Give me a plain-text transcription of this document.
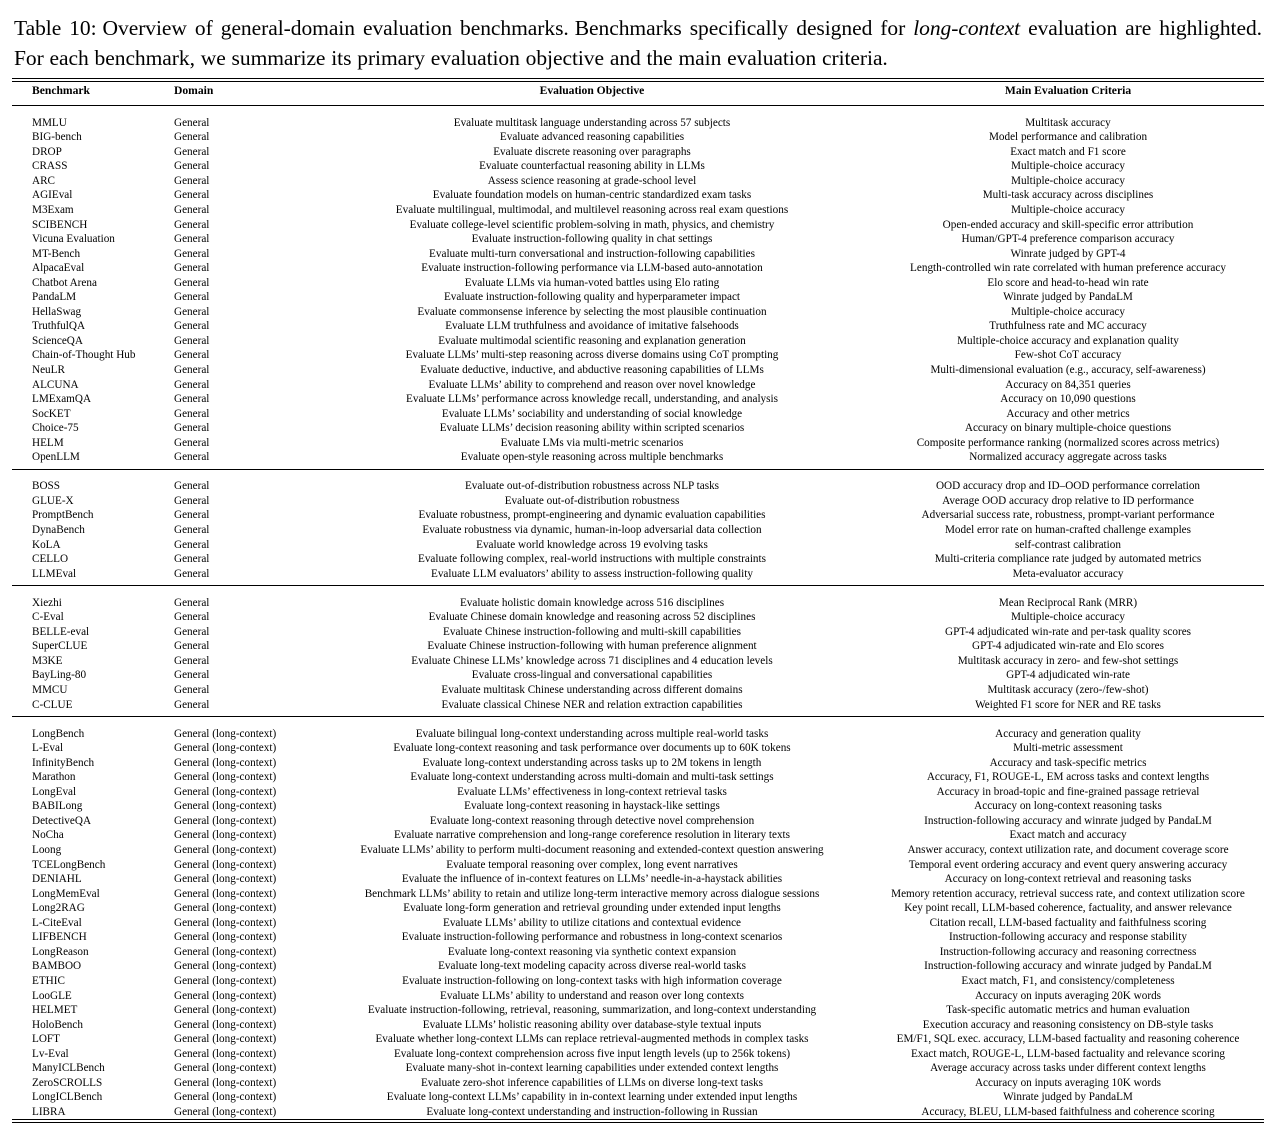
Table 10: Overview of general-domain evaluation benchmarks. Benchmarks specifically designed for long-context evaluation are highlighted. For each benchmark, we summarize its primary evaluation objective and the main evaluation criteria.
Benchmark	Domain	Evaluation Objective	Main Evaluation Criteria

MMLU	General	Evaluate multitask language understanding across 57 subjects	Multitask accuracy
BIG-bench	General	Evaluate advanced reasoning capabilities	Model performance and calibration
DROP	General	Evaluate discrete reasoning over paragraphs	Exact match and F1 score
CRASS	General	Evaluate counterfactual reasoning ability in LLMs	Multiple-choice accuracy
ARC	General	Assess science reasoning at grade-school level	Multiple-choice accuracy
AGIEval	General	Evaluate foundation models on human-centric standardized exam tasks	Multi-task accuracy across disciplines
M3Exam	General	Evaluate multilingual, multimodal, and multilevel reasoning across real exam questions	Multiple-choice accuracy
SCIBENCH	General	Evaluate college-level scientific problem-solving in math, physics, and chemistry	Open-ended accuracy and skill-specific error attribution
Vicuna Evaluation	General	Evaluate instruction-following quality in chat settings	Human/GPT-4 preference comparison accuracy
MT-Bench	General	Evaluate multi-turn conversational and instruction-following capabilities	Winrate judged by GPT-4
AlpacaEval	General	Evaluate instruction-following performance via LLM-based auto-annotation	Length-controlled win rate correlated with human preference accuracy
Chatbot Arena	General	Evaluate LLMs via human-voted battles using Elo rating	Elo score and head-to-head win rate
PandaLM	General	Evaluate instruction-following quality and hyperparameter impact	Winrate judged by PandaLM
HellaSwag	General	Evaluate commonsense inference by selecting the most plausible continuation	Multiple-choice accuracy
TruthfulQA	General	Evaluate LLM truthfulness and avoidance of imitative falsehoods	Truthfulness rate and MC accuracy
ScienceQA	General	Evaluate multimodal scientific reasoning and explanation generation	Multiple-choice accuracy and explanation quality
Chain-of-Thought Hub	General	Evaluate LLMs’ multi-step reasoning across diverse domains using CoT prompting	Few-shot CoT accuracy
NeuLR	General	Evaluate deductive, inductive, and abductive reasoning capabilities of LLMs	Multi-dimensional evaluation (e.g., accuracy, self-awareness)
ALCUNA	General	Evaluate LLMs’ ability to comprehend and reason over novel knowledge	Accuracy on 84,351 queries
LMExamQA	General	Evaluate LLMs’ performance across knowledge recall, understanding, and analysis	Accuracy on 10,090 questions
SocKET	General	Evaluate LLMs’ sociability and understanding of social knowledge	Accuracy and other metrics
Choice-75	General	Evaluate LLMs’ decision reasoning ability within scripted scenarios	Accuracy on binary multiple-choice questions
HELM	General	Evaluate LMs via multi-metric scenarios	Composite performance ranking (normalized scores across metrics)
OpenLLM	General	Evaluate open-style reasoning across multiple benchmarks	Normalized accuracy aggregate across tasks

BOSS	General	Evaluate out-of-distribution robustness across NLP tasks	OOD accuracy drop and ID–OOD performance correlation
GLUE-X	General	Evaluate out-of-distribution robustness	Average OOD accuracy drop relative to ID performance
PromptBench	General	Evaluate robustness, prompt-engineering and dynamic evaluation capabilities	Adversarial success rate, robustness, prompt-variant performance
DynaBench	General	Evaluate robustness via dynamic, human-in-loop adversarial data collection	Model error rate on human-crafted challenge examples
KoLA	General	Evaluate world knowledge across 19 evolving tasks	self-contrast calibration
CELLO	General	Evaluate following complex, real-world instructions with multiple constraints	Multi-criteria compliance rate judged by automated metrics
LLMEval	General	Evaluate LLM evaluators’ ability to assess instruction-following quality	Meta-evaluator accuracy

Xiezhi	General	Evaluate holistic domain knowledge across 516 disciplines	Mean Reciprocal Rank (MRR)
C-Eval	General	Evaluate Chinese domain knowledge and reasoning across 52 disciplines	Multiple-choice accuracy
BELLE-eval	General	Evaluate Chinese instruction-following and multi-skill capabilities	GPT-4 adjudicated win-rate and per-task quality scores
SuperCLUE	General	Evaluate Chinese instruction-following with human preference alignment	GPT-4 adjudicated win-rate and Elo scores
M3KE	General	Evaluate Chinese LLMs’ knowledge across 71 disciplines and 4 education levels	Multitask accuracy in zero- and few-shot settings
BayLing-80	General	Evaluate cross-lingual and conversational capabilities	GPT-4 adjudicated win-rate
MMCU	General	Evaluate multitask Chinese understanding across different domains	Multitask accuracy (zero-/few-shot)
C-CLUE	General	Evaluate classical Chinese NER and relation extraction capabilities	Weighted F1 score for NER and RE tasks

LongBench	General (long-context)	Evaluate bilingual long-context understanding across multiple real-world tasks	Accuracy and generation quality
L-Eval	General (long-context)	Evaluate long-context reasoning and task performance over documents up to 60K tokens	Multi-metric assessment
InfinityBench	General (long-context)	Evaluate long-context understanding across tasks up to 2M tokens in length	Accuracy and task-specific metrics
Marathon	General (long-context)	Evaluate long-context understanding across multi-domain and multi-task settings	Accuracy, F1, ROUGE-L, EM across tasks and context lengths
LongEval	General (long-context)	Evaluate LLMs’ effectiveness in long-context retrieval tasks	Accuracy in broad-topic and fine-grained passage retrieval
BABILong	General (long-context)	Evaluate long-context reasoning in haystack-like settings	Accuracy on long-context reasoning tasks
DetectiveQA	General (long-context)	Evaluate long-context reasoning through detective novel comprehension	Instruction-following accuracy and winrate judged by PandaLM
NoCha	General (long-context)	Evaluate narrative comprehension and long-range coreference resolution in literary texts	Exact match and accuracy
Loong	General (long-context)	Evaluate LLMs’ ability to perform multi-document reasoning and extended-context question answering	Answer accuracy, context utilization rate, and document coverage score
TCELongBench	General (long-context)	Evaluate temporal reasoning over complex, long event narratives	Temporal event ordering accuracy and event query answering accuracy
DENIAHL	General (long-context)	Evaluate the influence of in-context features on LLMs’ needle-in-a-haystack abilities	Accuracy on long-context retrieval and reasoning tasks
LongMemEval	General (long-context)	Benchmark LLMs’ ability to retain and utilize long-term interactive memory across dialogue sessions	Memory retention accuracy, retrieval success rate, and context utilization score
Long2RAG	General (long-context)	Evaluate long-form generation and retrieval grounding under extended input lengths	Key point recall, LLM-based coherence, factuality, and answer relevance
L-CiteEval	General (long-context)	Evaluate LLMs’ ability to utilize citations and contextual evidence	Citation recall, LLM-based factuality and faithfulness scoring
LIFBENCH	General (long-context)	Evaluate instruction-following performance and robustness in long-context scenarios	Instruction-following accuracy and response stability
LongReason	General (long-context)	Evaluate long-context reasoning via synthetic context expansion	Instruction-following accuracy and reasoning correctness
BAMBOO	General (long-context)	Evaluate long-text modeling capacity across diverse real-world tasks	Instruction-following accuracy and winrate judged by PandaLM
ETHIC	General (long-context)	Evaluate instruction-following on long-context tasks with high information coverage	Exact match, F1, and consistency/completeness
LooGLE	General (long-context)	Evaluate LLMs’ ability to understand and reason over long contexts	Accuracy on inputs averaging 20K words
HELMET	General (long-context)	Evaluate instruction-following, retrieval, reasoning, summarization, and long-context understanding	Task-specific automatic metrics and human evaluation
HoloBench	General (long-context)	Evaluate LLMs’ holistic reasoning ability over database-style textual inputs	Execution accuracy and reasoning consistency on DB-style tasks
LOFT	General (long-context)	Evaluate whether long-context LLMs can replace retrieval-augmented methods in complex tasks	EM/F1, SQL exec. accuracy, LLM-based factuality and reasoning coherence
Lv-Eval	General (long-context)	Evaluate long-context comprehension across five input length levels (up to 256k tokens)	Exact match, ROUGE-L, LLM-based factuality and relevance scoring
ManyICLBench	General (long-context)	Evaluate many-shot in-context learning capabilities under extended context lengths	Average accuracy across tasks under different context lengths
ZeroSCROLLS	General (long-context)	Evaluate zero-shot inference capabilities of LLMs on diverse long-text tasks	Accuracy on inputs averaging 10K words
LongICLBench	General (long-context)	Evaluate long-context LLMs’ capability in in-context learning under extended input lengths	Winrate judged by PandaLM
LIBRA	General (long-context)	Evaluate long-context understanding and instruction-following in Russian	Accuracy, BLEU, LLM-based faithfulness and coherence scoring
